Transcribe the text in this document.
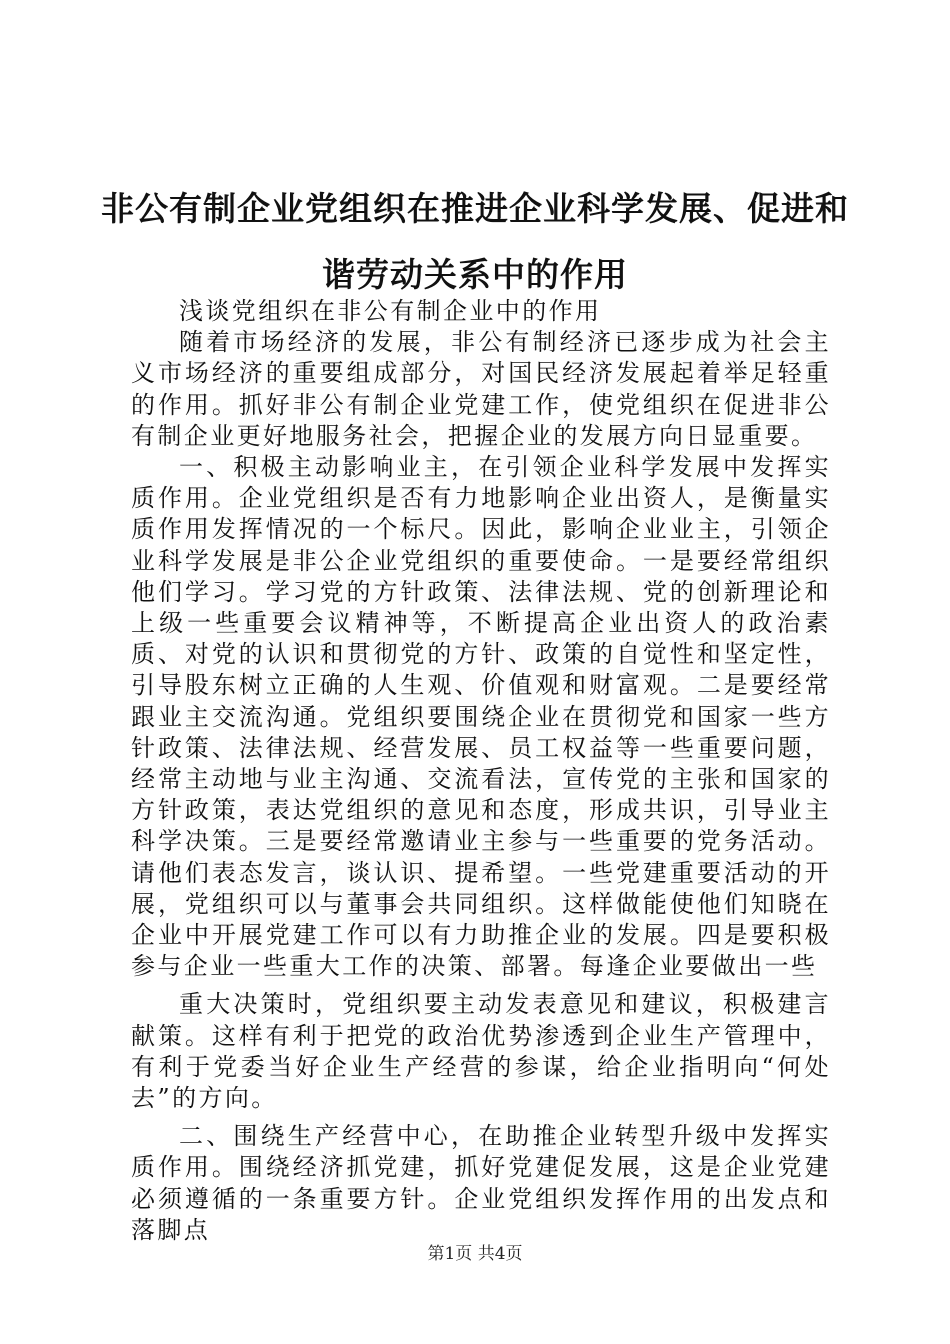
非公有制企业党组织在推进企业科学发展、促进和谐劳动关系中的作用

浅谈党组织在非公有制企业中的作用

随着市场经济的发展，非公有制经济已逐步成为社会主义市场经济的重要组成部分，对国民经济发展起着举足轻重的作用。抓好非公有制企业党建工作，使党组织在促进非公有制企业更好地服务社会，把握企业的发展方向日显重要。

一、积极主动影响业主，在引领企业科学发展中发挥实质作用。企业党组织是否有力地影响企业出资人，是衡量实质作用发挥情况的一个标尺。因此，影响企业业主，引领企业科学发展是非公企业党组织的重要使命。一是要经常组织他们学习。学习党的方针政策、法律法规、党的创新理论和上级一些重要会议精神等，不断提高企业出资人的政治素质、对党的认识和贯彻党的方针、政策的自觉性和坚定性，引导股东树立正确的人生观、价值观和财富观。二是要经常跟业主交流沟通。党组织要围绕企业在贯彻党和国家一些方针政策、法律法规、经营发展、员工权益等一些重要问题，经常主动地与业主沟通、交流看法，宣传党的主张和国家的方针政策，表达党组织的意见和态度，形成共识，引导业主科学决策。三是要经常邀请业主参与一些重要的党务活动。请他们表态发言，谈认识、提希望。一些党建重要活动的开展，党组织可以与董事会共同组织。这样做能使他们知晓在企业中开展党建工作可以有力助推企业的发展。四是要积极参与企业一些重大工作的决策、部署。每逢企业要做出一些

重大决策时，党组织要主动发表意见和建议，积极建言献策。这样有利于把党的政治优势渗透到企业生产管理中，有利于党委当好企业生产经营的参谋，给企业指明向“何处去”的方向。

二、围绕生产经营中心，在助推企业转型升级中发挥实质作用。围绕经济抓党建，抓好党建促发展，这是企业党建必须遵循的一条重要方针。企业党组织发挥作用的出发点和落脚点

第1页 共4页
